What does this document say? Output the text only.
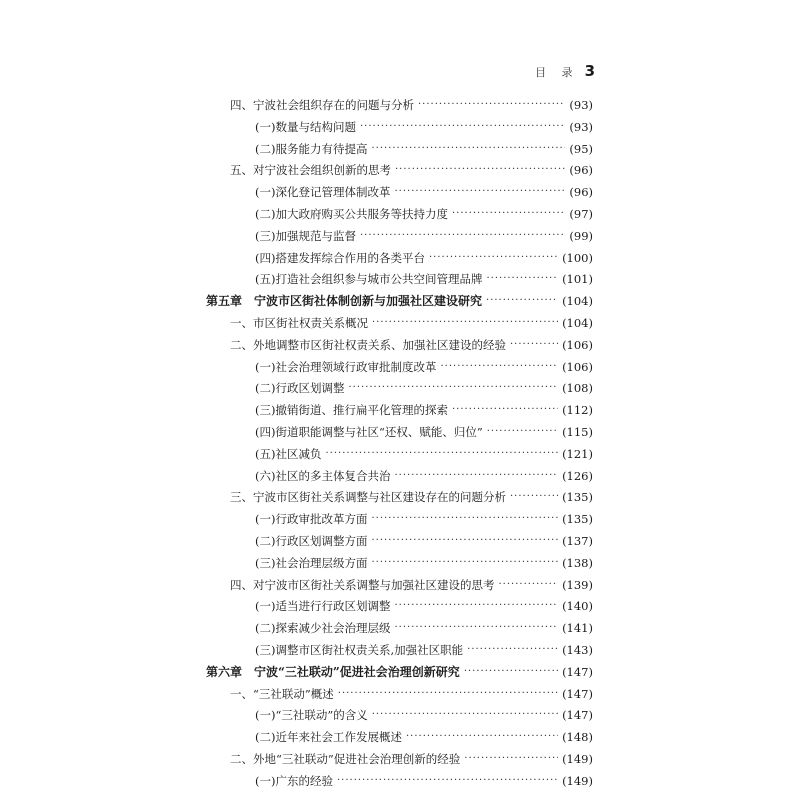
目 录 3
四、宁波社会组织存在的问题与分析 ·····	(93)
(一)数量与结构问题 ·····	(93)
(二)服务能力有待提高 ·····	(95)
五、对宁波社会组织创新的思考 ·····	(96)
(一)深化登记管理体制改革 ·····	(96)
(二)加大政府购买公共服务等扶持力度 ·····	(97)
(三)加强规范与监督 ·····	(99)
(四)搭建发挥综合作用的各类平台 ·····	(100)
(五)打造社会组织参与城市公共空间管理品牌 ·····	(101)
第五章　宁波市区街社体制创新与加强社区建设研究 ·····	(104)
一、市区街社权责关系概况 ·····	(104)
二、外地调整市区街社权责关系、加强社区建设的经验 ·····	(106)
(一)社会治理领域行政审批制度改革 ·····	(106)
(二)行政区划调整 ·····	(108)
(三)撤销街道、推行扁平化管理的探索 ·····	(112)
(四)街道职能调整与社区“还权、赋能、归位” ·····	(115)
(五)社区减负 ·····	(121)
(六)社区的多主体复合共治 ·····	(126)
三、宁波市区街社关系调整与社区建设存在的问题分析 ·····	(135)
(一)行政审批改革方面 ·····	(135)
(二)行政区划调整方面 ·····	(137)
(三)社会治理层级方面 ·····	(138)
四、对宁波市区街社关系调整与加强社区建设的思考 ·····	(139)
(一)适当进行行政区划调整 ·····	(140)
(二)探索减少社会治理层级 ·····	(141)
(三)调整市区街社权责关系,加强社区职能 ·····	(143)
第六章　宁波“三社联动”促进社会治理创新研究 ·····	(147)
一、“三社联动”概述 ·····	(147)
(一)“三社联动”的含义 ·····	(147)
(二)近年来社会工作发展概述 ·····	(148)
二、外地“三社联动”促进社会治理创新的经验 ·····	(149)
(一)广东的经验 ·····	(149)
